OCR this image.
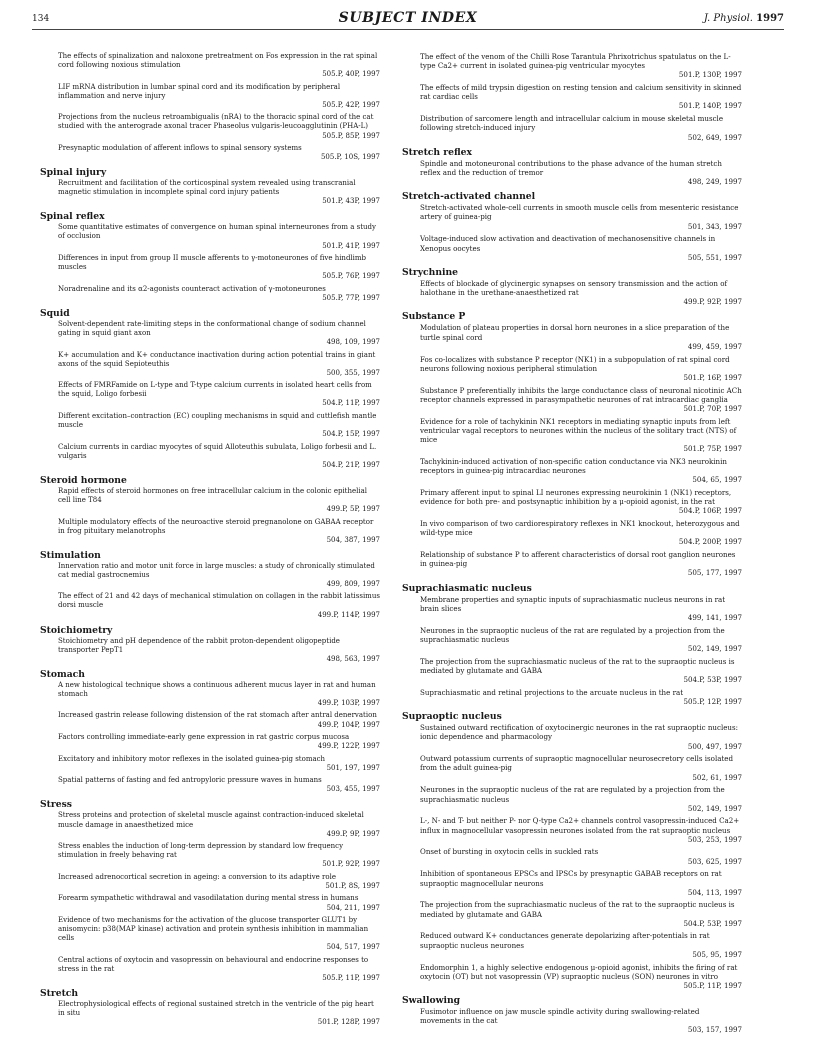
134	SUBJECT INDEX	J. Physiol. 1997
The effects of spinalization and naloxone pretreatment on Fos expression in the rat spinal cord following noxious stimulation
505.P, 40P, 1997
LIF mRNA distribution in lumbar spinal cord and its modification by peripheral inflammation and nerve injury
505.P, 42P, 1997
Projections from the nucleus retroambigualis (nRA) to the thoracic spinal cord of the cat studied with the anterograde axonal tracer Phaseolus vulgaris-leucoagglutinin (PHA-L)
505.P, 85P, 1997
Presynaptic modulation of afferent inflows to spinal sensory systems
505.P, 10S, 1997
Spinal injury
Recruitment and facilitation of the corticospinal system revealed using transcranial magnetic stimulation in incomplete spinal cord injury patients
501.P, 43P, 1997
Spinal reflex
Some quantitative estimates of convergence on human spinal interneurones from a study of occlusion
501.P, 41P, 1997
Differences in input from group II muscle afferents to γ-motoneurones of five hindlimb muscles
505.P, 76P, 1997
Noradrenaline and its α2-agonists counteract activation of γ-motoneurones
505.P, 77P, 1997
Squid
Solvent-dependent rate-limiting steps in the conformational change of sodium channel gating in squid giant axon
498, 109, 1997
K+ accumulation and K+ conductance inactivation during action potential trains in giant axons of the squid Sepioteuthis
500, 355, 1997
Effects of FMRFamide on L-type and T-type calcium currents in isolated heart cells from the squid, Loligo forbesii
504.P, 11P, 1997
Different excitation–contraction (EC) coupling mechanisms in squid and cuttlefish mantle muscle
504.P, 15P, 1997
Calcium currents in cardiac myocytes of squid Alloteuthis subulata, Loligo forbesii and L. vulgaris
504.P, 21P, 1997
Steroid hormone
Rapid effects of steroid hormones on free intracellular calcium in the colonic epithelial cell line T84
499.P, 5P, 1997
Multiple modulatory effects of the neuroactive steroid pregnanolone on GABAA receptor in frog pituitary melanotrophs
504, 387, 1997
Stimulation
Innervation ratio and motor unit force in large muscles: a study of chronically stimulated cat medial gastrocnemius
499, 809, 1997
The effect of 21 and 42 days of mechanical stimulation on collagen in the rabbit latissimus dorsi muscle
499.P, 114P, 1997
Stoichiometry
Stoichiometry and pH dependence of the rabbit proton-dependent oligopeptide transporter PepT1
498, 563, 1997
Stomach
A new histological technique shows a continuous adherent mucus layer in rat and human stomach
499.P, 103P, 1997
Increased gastrin release following distension of the rat stomach after antral denervation
499.P, 104P, 1997
Factors controlling immediate-early gene expression in rat gastric corpus mucosa
499.P, 122P, 1997
Excitatory and inhibitory motor reflexes in the isolated guinea-pig stomach
501, 197, 1997
Spatial patterns of fasting and fed antropyloric pressure waves in humans
503, 455, 1997
Stress
Stress proteins and protection of skeletal muscle against contraction-induced skeletal muscle damage in anaesthetized mice
499.P, 9P, 1997
Stress enables the induction of long-term depression by standard low frequency stimulation in freely behaving rat
501.P, 92P, 1997
Increased adrenocortical secretion in ageing: a conversion to its adaptive role
501.P, 8S, 1997
Forearm sympathetic withdrawal and vasodilatation during mental stress in humans
504, 211, 1997
Evidence of two mechanisms for the activation of the glucose transporter GLUT1 by anisomycin: p38(MAP kinase) activation and protein synthesis inhibition in mammalian cells
504, 517, 1997
Central actions of oxytocin and vasopressin on behavioural and endocrine responses to stress in the rat
505.P, 11P, 1997
Stretch
Electrophysiological effects of regional sustained stretch in the ventricle of the pig heart in situ
501.P, 128P, 1997
The effect of the venom of the Chilli Rose Tarantula Phrixotrichus spatulatus on the L-type Ca2+ current in isolated guinea-pig ventricular myocytes
501.P, 130P, 1997
The effects of mild trypsin digestion on resting tension and calcium sensitivity in skinned rat cardiac cells
501.P, 140P, 1997
Distribution of sarcomere length and intracellular calcium in mouse skeletal muscle following stretch-induced injury
502, 649, 1997
Stretch reflex
Spindle and motoneuronal contributions to the phase advance of the human stretch reflex and the reduction of tremor
498, 249, 1997
Stretch-activated channel
Stretch-activated whole-cell currents in smooth muscle cells from mesenteric resistance artery of guinea-pig
501, 343, 1997
Voltage-induced slow activation and deactivation of mechanosensitive channels in Xenopus oocytes
505, 551, 1997
Strychnine
Effects of blockade of glycinergic synapses on sensory transmission and the action of halothane in the urethane-anaesthetized rat
499.P, 92P, 1997
Substance P
Modulation of plateau properties in dorsal horn neurones in a slice preparation of the turtle spinal cord
499, 459, 1997
Fos co-localizes with substance P receptor (NK1) in a subpopulation of rat spinal cord neurons following noxious peripheral stimulation
501.P, 16P, 1997
Substance P preferentially inhibits the large conductance class of neuronal nicotinic ACh receptor channels expressed in parasympathetic neurones of rat intracardiac ganglia
501.P, 70P, 1997
Evidence for a role of tachykinin NK1 receptors in mediating synaptic inputs from left ventricular vagal receptors to neurones within the nucleus of the solitary tract (NTS) of mice
501.P, 75P, 1997
Tachykinin-induced activation of non-specific cation conductance via NK3 neurokinin receptors in guinea-pig intracardiac neurones
504, 65, 1997
Primary afferent input to spinal LI neurones expressing neurokinin 1 (NK1) receptors, evidence for both pre- and postsynaptic inhibition by a μ-opioid agonist, in the rat
504.P, 106P, 1997
In vivo comparison of two cardiorespiratory reflexes in NK1 knockout, heterozygous and wild-type mice
504.P, 200P, 1997
Relationship of substance P to afferent characteristics of dorsal root ganglion neurones in guinea-pig
505, 177, 1997
Suprachiasmatic nucleus
Membrane properties and synaptic inputs of suprachiasmatic nucleus neurons in rat brain slices
499, 141, 1997
Neurones in the supraoptic nucleus of the rat are regulated by a projection from the suprachiasmatic nucleus
502, 149, 1997
The projection from the suprachiasmatic nucleus of the rat to the supraoptic nucleus is mediated by glutamate and GABA
504.P, 53P, 1997
Suprachiasmatic and retinal projections to the arcuate nucleus in the rat
505.P, 12P, 1997
Supraoptic nucleus
Sustained outward rectification of oxytocinergic neurones in the rat supraoptic nucleus: ionic dependence and pharmacology
500, 497, 1997
Outward potassium currents of supraoptic magnocellular neurosecretory cells isolated from the adult guinea-pig
502, 61, 1997
Neurones in the supraoptic nucleus of the rat are regulated by a projection from the suprachiasmatic nucleus
502, 149, 1997
L-, N- and T- but neither P- nor Q-type Ca2+ channels control vasopressin-induced Ca2+ influx in magnocellular vasopressin neurones isolated from the rat supraoptic nucleus
503, 253, 1997
Onset of bursting in oxytocin cells in suckled rats
503, 625, 1997
Inhibition of spontaneous EPSCs and IPSCs by presynaptic GABAB receptors on rat supraoptic magnocellular neurons
504, 113, 1997
The projection from the suprachiasmatic nucleus of the rat to the supraoptic nucleus is mediated by glutamate and GABA
504.P, 53P, 1997
Reduced outward K+ conductances generate depolarizing after-potentials in rat supraoptic nucleus neurones
505, 95, 1997
Endomorphin 1, a highly selective endogenous μ-opioid agonist, inhibits the firing of rat oxytocin (OT) but not vasopressin (VP) supraoptic nucleus (SON) neurones in vitro
505.P, 11P, 1997
Swallowing
Fusimotor influence on jaw muscle spindle activity during swallowing-related movements in the cat
503, 157, 1997
